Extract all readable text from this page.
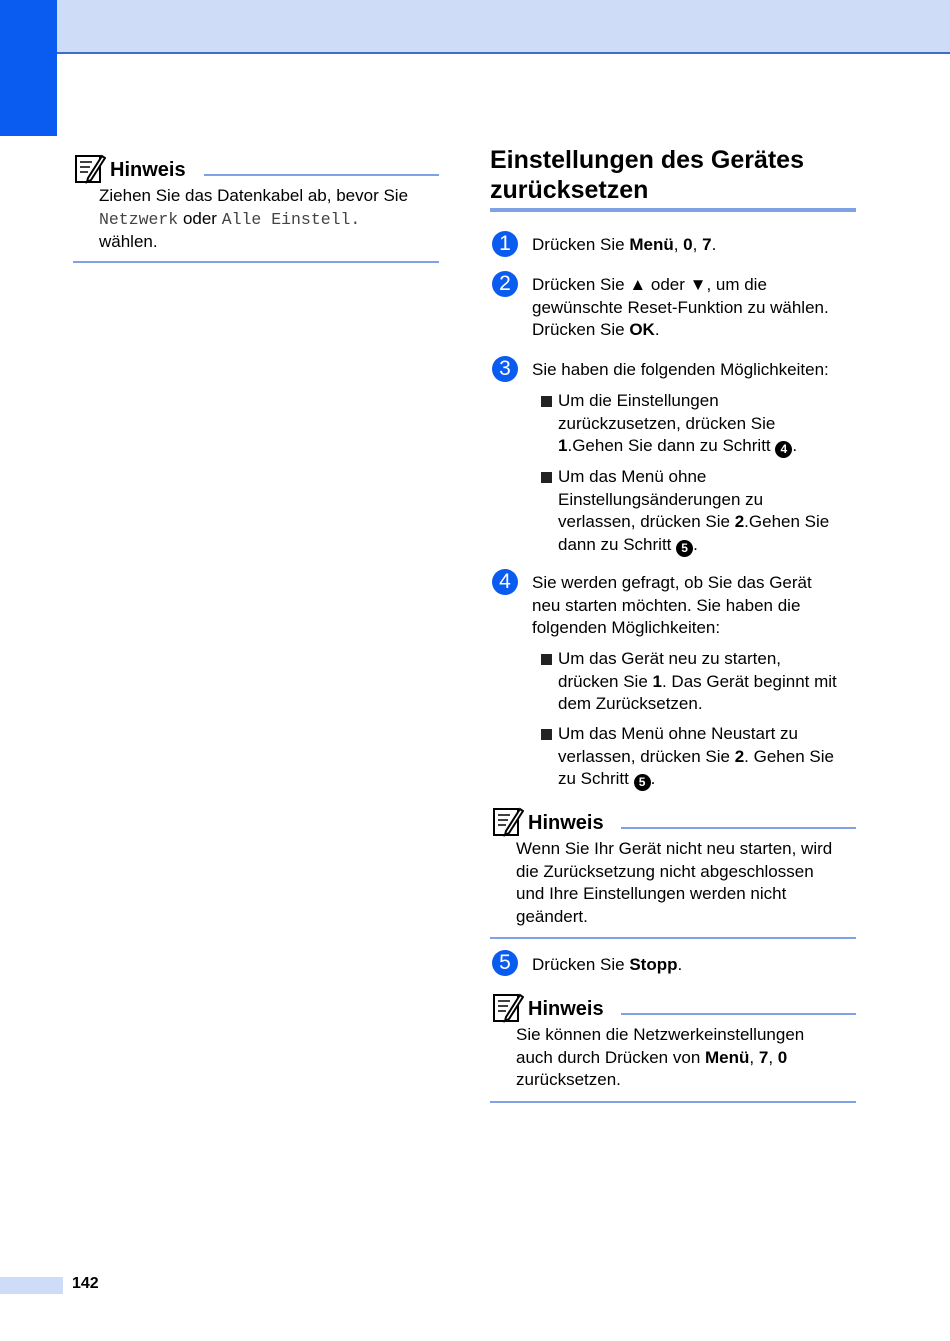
Hinweis
Ziehen Sie das Datenkabel ab, bevor Sie
Netzwerk oder Alle Einstell.
wählen.
Einstellungen des Gerätes
zurücksetzen
1	Drücken Sie Menü, 0, 7.
2	Drücken Sie ▲ oder ▼, um die
gewünschte Reset-Funktion zu wählen.
Drücken Sie OK.
3	Sie haben die folgenden Möglichkeiten:
Um die Einstellungen
zurückzusetzen, drücken Sie
1.Gehen Sie dann zu Schritt 4 .
Um das Menü ohne
Einstellungsänderungen zu
verlassen, drücken Sie 2.Gehen Sie
dann zu Schritt 5 .
4	Sie werden gefragt, ob Sie das Gerät
neu starten möchten. Sie haben die
folgenden Möglichkeiten:
Um das Gerät neu zu starten,
drücken Sie 1. Das Gerät beginnt mit
dem Zurücksetzen.
Um das Menü ohne Neustart zu
verlassen, drücken Sie 2. Gehen Sie
zu Schritt 5 .
Hinweis
Wenn Sie Ihr Gerät nicht neu starten, wird
die Zurücksetzung nicht abgeschlossen
und Ihre Einstellungen werden nicht
geändert.
5	Drücken Sie Stopp.
Hinweis
Sie können die Netzwerkeinstellungen
auch durch Drücken von Menü, 7, 0
zurücksetzen.
142
